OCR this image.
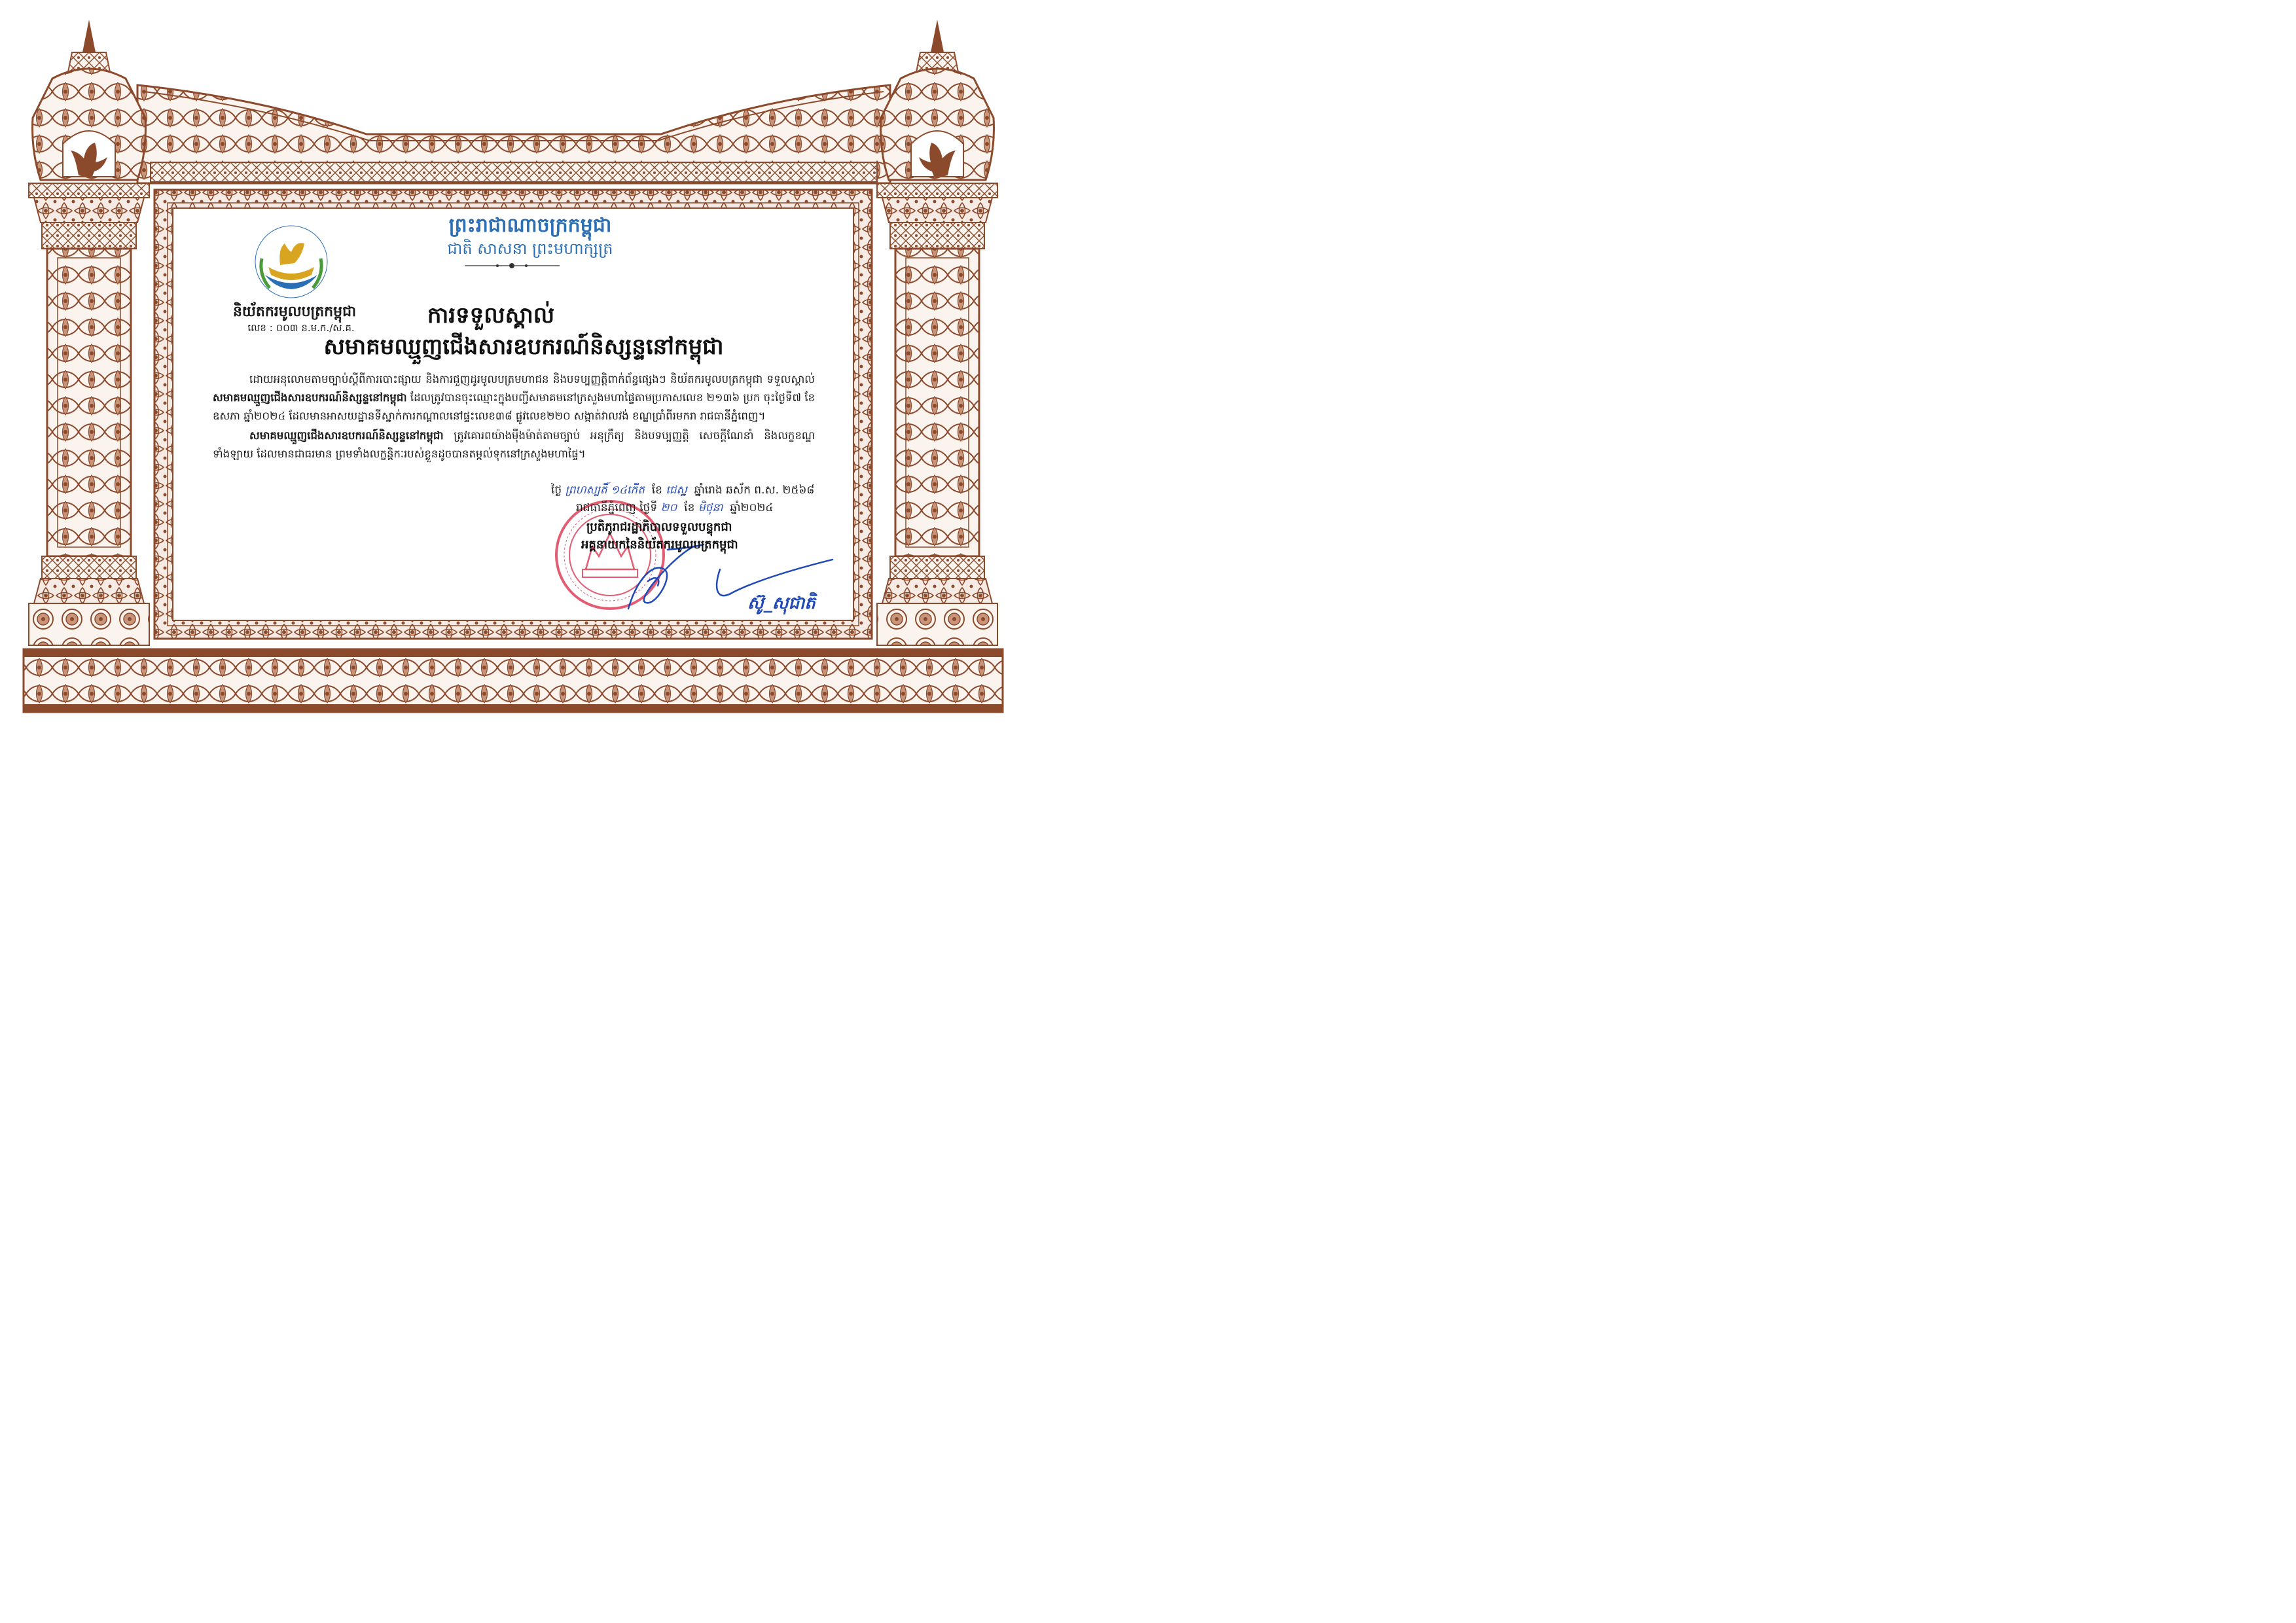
ព្រះរាជាណាចក្រកម្ពុជា
ជាតិ សាសនា ព្រះមហាក្សត្រ
និយ័តករមូលបត្រកម្ពុជា
លេខ : ០០៣ ន.ម.ក./ស.គ.	ការទទួលស្គាល់
សមាគមឈ្មួញជើងសារឧបករណ៍និស្សន្ទនៅកម្ពុជា
ដោយអនុលោមតាមច្បាប់ស្ដីពីការបោះផ្សាយ និងការជួញដូរមូលបត្រមហាជន និងបទប្បញ្ញត្តិពាក់ព័ន្ធផ្សេងៗ និយ័តករមូលបត្រកម្ពុជា ទទួលស្គាល់ សមាគមឈ្មួញជើងសារឧបករណ៍និស្សន្ទនៅកម្ពុជា ដែលត្រូវបានចុះឈ្មោះក្នុងបញ្ជីសមាគមនៅក្រសួងមហាផ្ទៃតាមប្រកាសលេខ ២១៣៦ ប្រក ចុះថ្ងៃទី៧ ខែឧសភា ឆ្នាំ២០២៤ ដែលមានអាសយដ្ឋានទីស្នាក់ការកណ្ដាលនៅផ្ទះលេខ៣៨ ផ្លូវលេខ២២០ សង្កាត់វាលវង់ ខណ្ឌប្រាំពីរមករា រាជធានីភ្នំពេញ។
សមាគមឈ្មួញជើងសារឧបករណ៍និស្សន្ទនៅកម្ពុជា ត្រូវគោរពយ៉ាងម៉ឺងម៉ាត់តាមច្បាប់ អនុក្រឹត្យ និងបទប្បញ្ញត្តិ សេចក្ដីណែនាំ និងលក្ខខណ្ឌទាំងឡាយ ដែលមានជាធរមាន ព្រមទាំងលក្ខន្តិកៈរបស់ខ្លួនដូចបានតម្កល់ទុកនៅក្រសួងមហាផ្ទៃ។
ថ្ងៃ ព្រហស្បតិ៍ ១៤កើត ខែ ជេស្ឋ ឆ្នាំរោង ឆស័ក ព.ស. ២៥៦៨
រាជធានីភ្នំពេញ ថ្ងៃទី ២០ ខែ មិថុនា ឆ្នាំ២០២៤
ប្រតិភូរាជរដ្ឋាភិបាលទទួលបន្ទុកជា
អគ្គនាយកនៃនិយ័តករមូលបត្រកម្ពុជា
ស៊ូ_សុជាតិ
